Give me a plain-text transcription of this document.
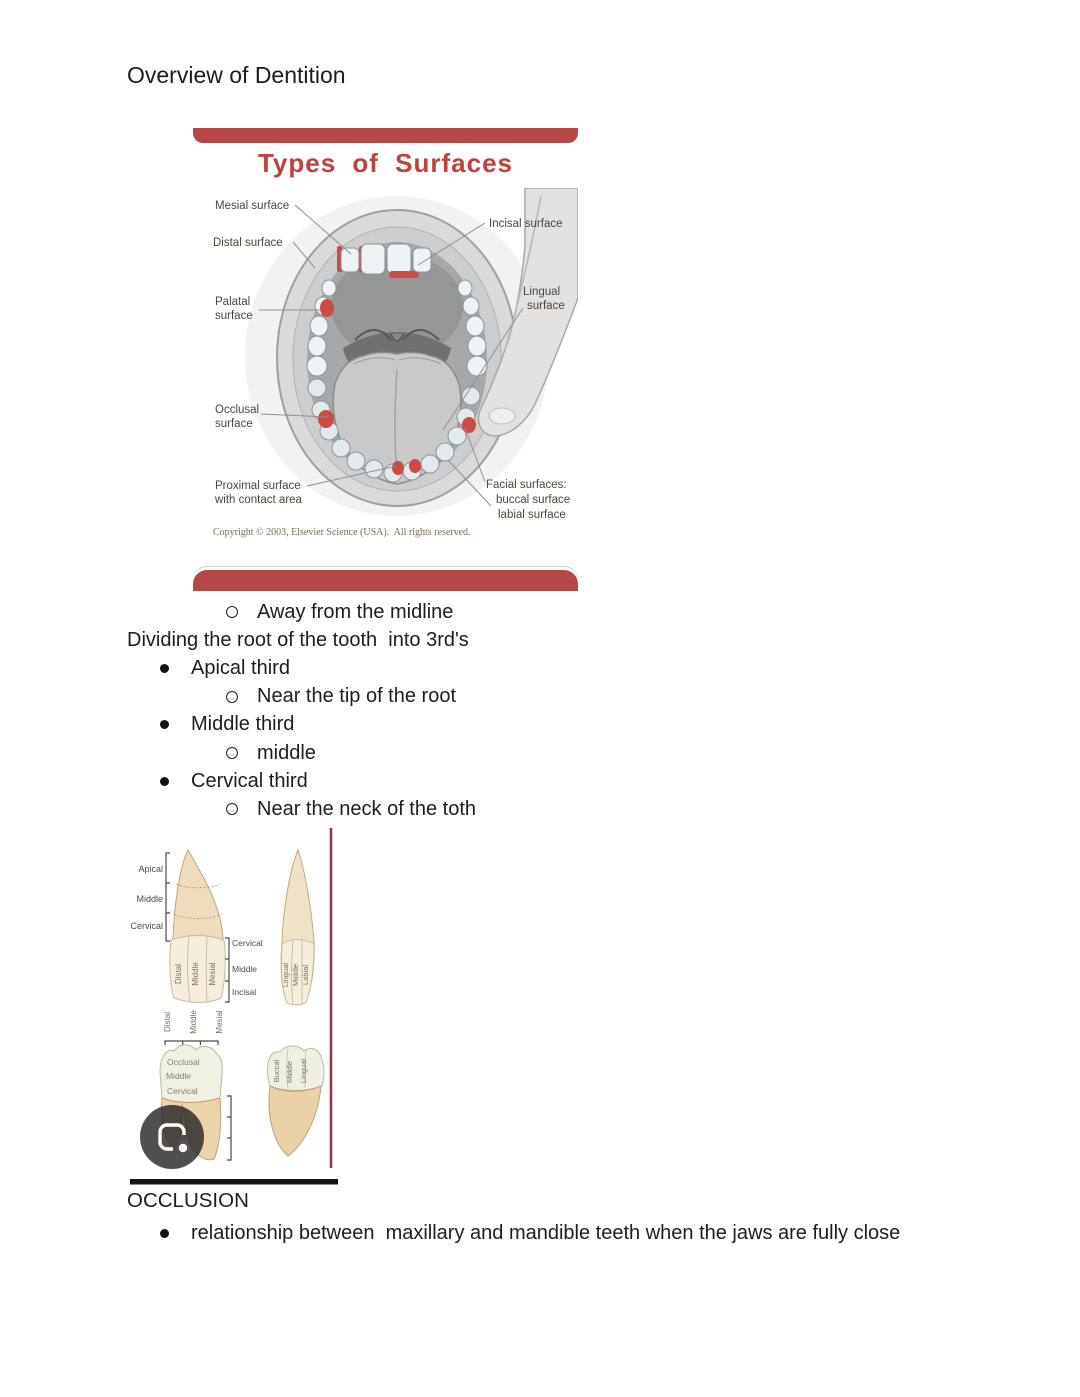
Overview of Dentition
Types of Surfaces
Mesial surface
Distal surface
Palatal
surface
Occlusal
surface
Proximal surface
with contact area
Incisal surface
Lingual
surface
Facial surfaces:
buccal surface
labial surface
Copyright © 2003, Elsevier Science (USA).  All rights reserved.
Away from the midline
Dividing the root of the tooth  into 3rd's
Apical third
Near the tip of the root
Middle third
middle
Cervical third
Near the neck of the toth
Apical
Middle
Cervical
Distal Middle Mesial
Cervical
Middle
Incisal
Lingual Middle Labial
Distal Middle Mesial
Occlusal
Middle
Cervical
Buccal Middle Lingual
OCCLUSION
relationship between  maxillary and mandible teeth when the jaws are fully close
